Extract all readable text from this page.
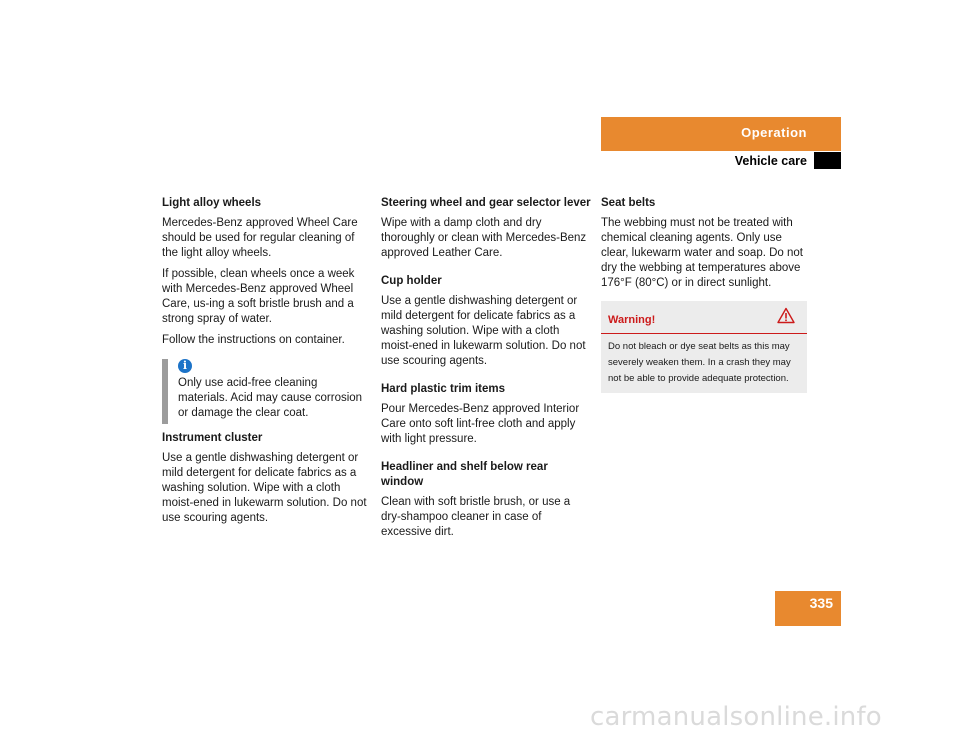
Operation
Vehicle care
Light alloy wheels

Mercedes-Benz approved Wheel Care should be used for regular cleaning of the light alloy wheels.

If possible, clean wheels once a week with Mercedes-Benz approved Wheel Care, us-ing a soft bristle brush and a strong spray of water.

Follow the instructions on container.

i
Only use acid-free cleaning materials. Acid may cause corrosion or damage the clear coat.
Instrument cluster

Use a gentle dishwashing detergent or mild detergent for delicate fabrics as a washing solution. Wipe with a cloth moist-ened in lukewarm solution. Do not use scouring agents.

Steering wheel and gear selector lever

Wipe with a damp cloth and dry thoroughly or clean with Mercedes-Benz approved Leather Care.

Cup holder

Use a gentle dishwashing detergent or mild detergent for delicate fabrics as a washing solution. Wipe with a cloth moist-ened in lukewarm solution. Do not use scouring agents.

Hard plastic trim items

Pour Mercedes-Benz approved Interior Care onto soft lint-free cloth and apply with light pressure.

Headliner and shelf below rear window

Clean with soft bristle brush, or use a dry-shampoo cleaner in case of excessive dirt.

Seat belts

The webbing must not be treated with chemical cleaning agents. Only use clear, lukewarm water and soap. Do not dry the webbing at temperatures above 176°F (80°C) or in direct sunlight.

Warning!
Do not bleach or dye seat belts as this may severely weaken them. In a crash they may not be able to provide adequate protection.
335
carmanualsonline.info
